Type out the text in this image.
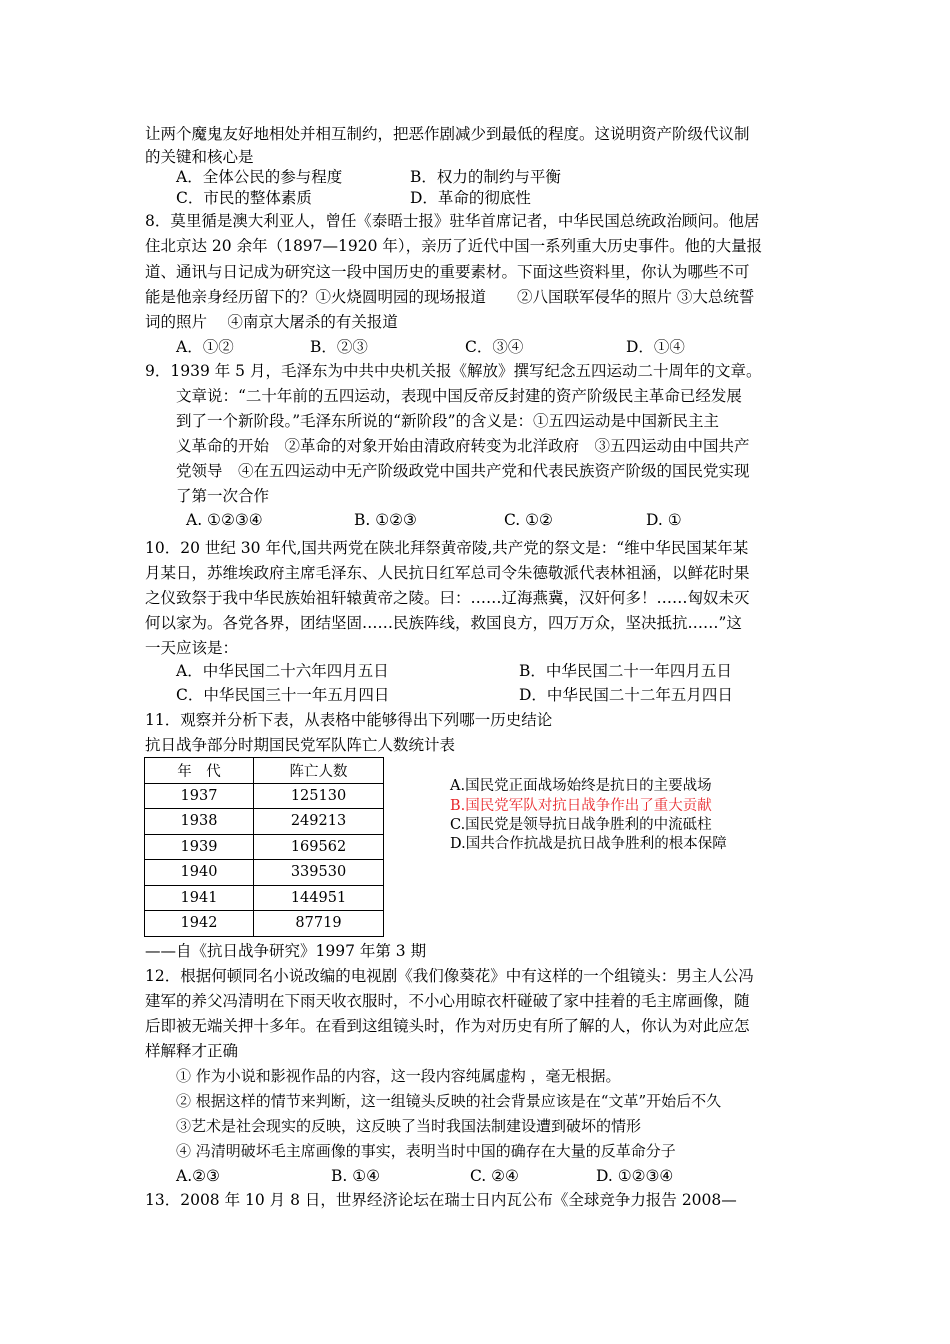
让两个魔鬼友好地相处并相互制约，把恶作剧减少到最低的程度。这说明资产阶级代议制
的关键和核心是
A．全体公民的参与程度	B．权力的制约与平衡
C．市民的整体素质	D．革命的彻底性
8．莫里循是澳大利亚人，曾任《泰晤士报》驻华首席记者，中华民国总统政治顾问。他居
住北京达 20 余年（1897—1920 年），亲历了近代中国一系列重大历史事件。他的大量报
道、通讯与日记成为研究这一段中国历史的重要素材。下面这些资料里，你认为哪些不可
能是他亲身经历留下的？①火烧圆明园的现场报道　　②八国联军侵华的照片 ③大总统誓
词的照片　 ④南京大屠杀的有关报道
A．①②	B．②③	C．③④	D．①④
9．1939 年 5 月，毛泽东为中共中央机关报《解放》撰写纪念五四运动二十周年的文章。
文章说：“二十年前的五四运动，表现中国反帝反封建的资产阶级民主革命已经发展
到了一个新阶段。”毛泽东所说的“新阶段”的含义是：①五四运动是中国新民主主
义革命的开始　②革命的对象开始由清政府转变为北洋政府　③五四运动由中国共产
党领导　④在五四运动中无产阶级政党中国共产党和代表民族资产阶级的国民党实现
了第一次合作
A. ①②③④	B. ①②③	C. ①②	D. ①
10．20 世纪 30 年代,国共两党在陕北拜祭黄帝陵,共产党的祭文是：“维中华民国某年某
月某日，苏维埃政府主席毛泽东、人民抗日红军总司令朱德敬派代表林祖涵，以鲜花时果
之仪致祭于我中华民族始祖轩辕黄帝之陵。曰：……辽海燕冀，汉奸何多！……匈奴未灭
何以家为。各党各界，团结坚固……民族阵线，救国良方，四万万众，坚决抵抗……”这
一天应该是：
A．中华民国二十六年四月五日	B．中华民国二十一年四月五日
C．中华民国三十一年五月四日	D．中华民国二十二年五月四日
11．观察并分析下表，从表格中能够得出下列哪一历史结论
抗日战争部分时期国民党军队阵亡人数统计表
年　代	阵亡人数
1937	125130
1938	249213
1939	169562
1940	339530
1941	144951
1942	87719
A.国民党正面战场始终是抗日的主要战场
B.国民党军队对抗日战争作出了重大贡献
C.国民党是领导抗日战争胜利的中流砥柱
D.国共合作抗战是抗日战争胜利的根本保障
——自《抗日战争研究》1997 年第 3 期
12．根据何顿同名小说改编的电视剧《我们像葵花》中有这样的一个组镜头：男主人公冯
建军的养父冯清明在下雨天收衣服时，不小心用晾衣杆碰破了家中挂着的毛主席画像，随
后即被无端关押十多年。在看到这组镜头时，作为对历史有所了解的人，你认为对此应怎
样解释才正确
① 作为小说和影视作品的内容，这一段内容纯属虚构 ，毫无根据。
② 根据这样的情节来判断，这一组镜头反映的社会背景应该是在“文革”开始后不久
③艺术是社会现实的反映，这反映了当时我国法制建设遭到破坏的情形
④ 冯清明破坏毛主席画像的事实，表明当时中国的确存在大量的反革命分子
A.②③	B. ①④	C. ②④	D. ①②③④
13．2008 年 10 月 8 日，世界经济论坛在瑞士日内瓦公布《全球竞争力报告 2008—
